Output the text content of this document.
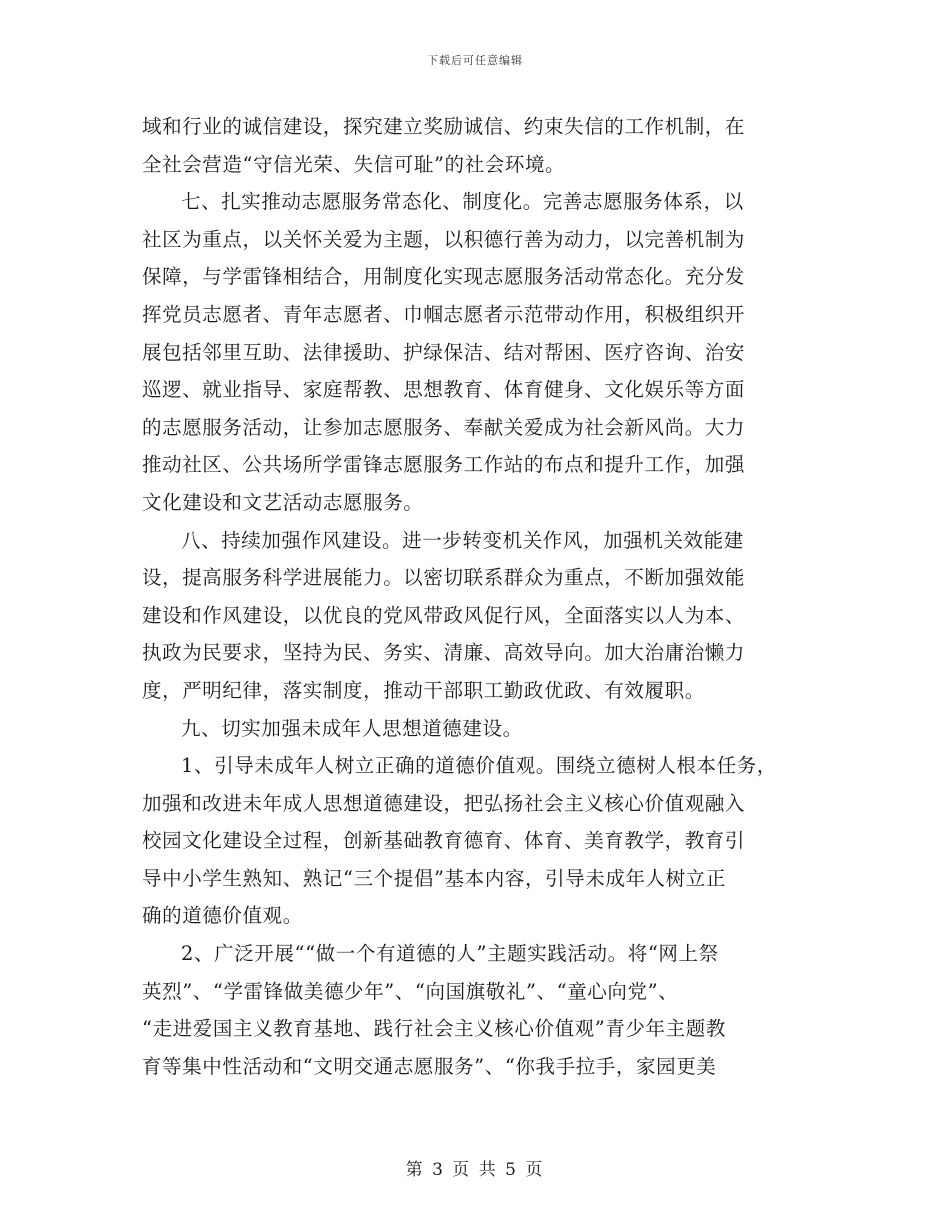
下载后可任意编辑
域和行业的诚信建设，探究建立奖励诚信、约束失信的工作机制，在
全社会营造“守信光荣、失信可耻”的社会环境。
七、扎实推动志愿服务常态化、制度化。完善志愿服务体系，以
社区为重点，以关怀关爱为主题，以积德行善为动力，以完善机制为
保障，与学雷锋相结合，用制度化实现志愿服务活动常态化。充分发
挥党员志愿者、青年志愿者、巾帼志愿者示范带动作用，积极组织开
展包括邻里互助、法律援助、护绿保洁、结对帮困、医疗咨询、治安
巡逻、就业指导、家庭帮教、思想教育、体育健身、文化娱乐等方面
的志愿服务活动，让参加志愿服务、奉献关爱成为社会新风尚。大力
推动社区、公共场所学雷锋志愿服务工作站的布点和提升工作，加强
文化建设和文艺活动志愿服务。
八、持续加强作风建设。进一步转变机关作风，加强机关效能建
设，提高服务科学进展能力。以密切联系群众为重点，不断加强效能
建设和作风建设，以优良的党风带政风促行风，全面落实以人为本、
执政为民要求，坚持为民、务实、清廉、高效导向。加大治庸治懒力
度，严明纪律，落实制度，推动干部职工勤政优政、有效履职。
九、切实加强未成年人思想道德建设。
1、引导未成年人树立正确的道德价值观。围绕立德树人根本任务，
加强和改进未年成人思想道德建设，把弘扬社会主义核心价值观融入
校园文化建设全过程，创新基础教育德育、体育、美育教学，教育引
导中小学生熟知、熟记“三个提倡”基本内容，引导未成年人树立正
确的道德价值观。
2、广泛开展““做一个有道德的人”主题实践活动。将“网上祭
英烈”、“学雷锋做美德少年”、“向国旗敬礼”、“童心向党”、
“走进爱国主义教育基地、践行社会主义核心价值观”青少年主题教
育等集中性活动和“文明交通志愿服务”、“你我手拉手，家园更美
第 3 页 共 5 页
